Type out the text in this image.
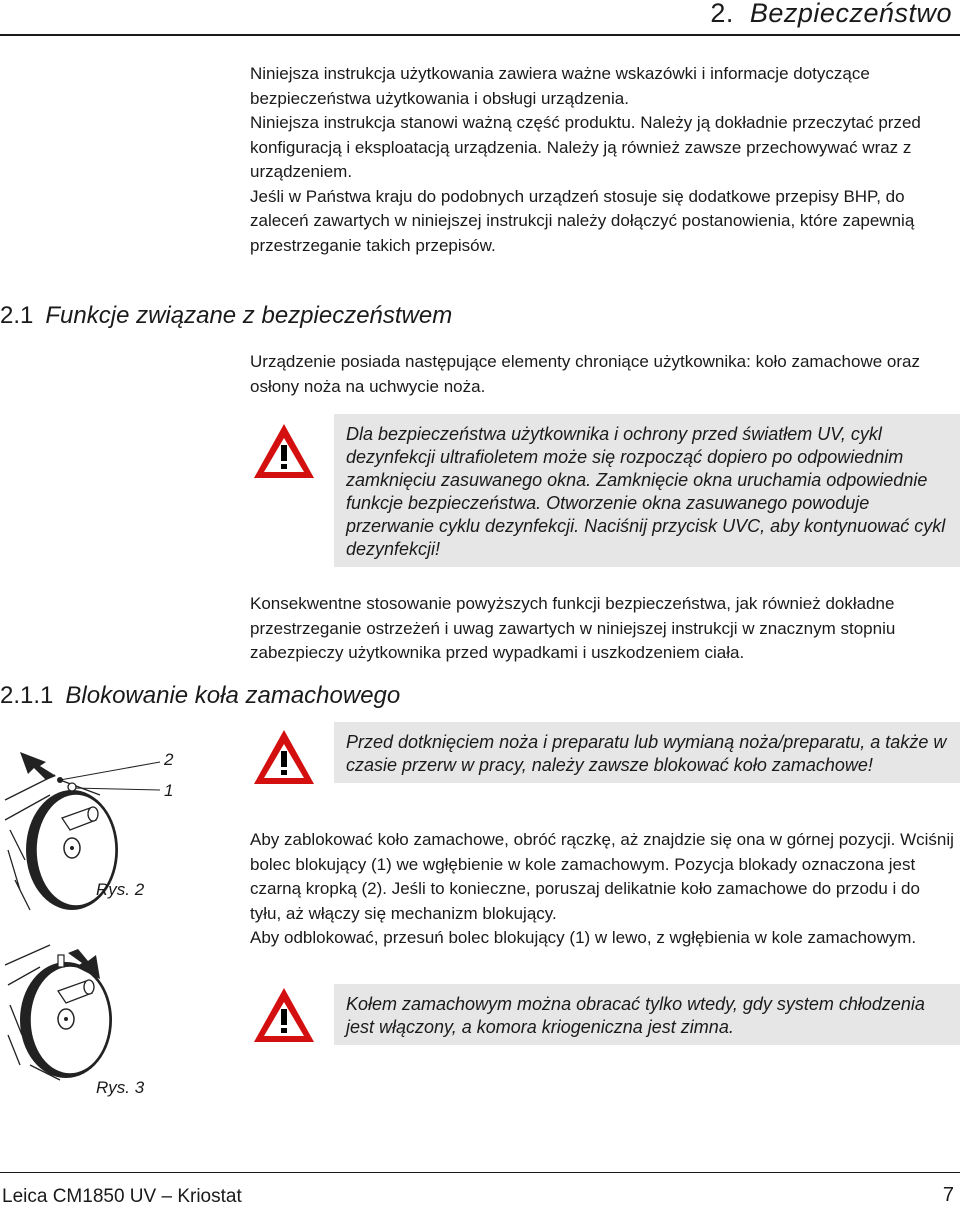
2. Bezpieczeństwo

Niniejsza instrukcja użytkowania zawiera ważne wskazówki i informacje dotyczące bezpieczeństwa użytkowania i obsługi urządzenia.

Niniejsza instrukcja stanowi ważną część produktu. Należy ją dokładnie przeczytać przed konfiguracją i eksploatacją urządzenia. Należy ją również zawsze przechowywać wraz z urządzeniem.

Jeśli w Państwa kraju do podobnych urządzeń stosuje się dodatkowe przepisy BHP, do zaleceń zawartych w niniejszej instrukcji należy dołączyć postanowienia, które zapewnią przestrzeganie takich przepisów.

2.1 Funkcje związane z bezpieczeństwem

Urządzenie posiada następujące elementy chroniące użytkownika: koło zamachowe oraz osłony noża na uchwycie noża.

Dla bezpieczeństwa użytkownika i ochrony przed światłem UV, cykl dezynfekcji ultrafioletem może się rozpocząć dopiero po odpowiednim zamknięciu zasuwanego okna. Zamknięcie okna uruchamia odpowiednie funkcje bezpieczeństwa. Otworzenie okna zasuwanego powoduje przerwanie cyklu dezynfekcji. Naciśnij przycisk UVC, aby kontynuować cykl dezynfekcji!

Konsekwentne stosowanie powyższych funkcji bezpieczeństwa, jak również dokładne przestrzeganie ostrzeżeń i uwag zawartych w niniejszej instrukcji w znacznym stopniu zabezpieczy użytkownika przed wypadkami i uszkodzeniem ciała.

2.1.1 Blokowanie koła zamachowego
2
1
Rys. 2
Rys. 3
Przed dotknięciem noża i preparatu lub wymianą noża/preparatu, a także w czasie przerw w pracy, należy zawsze blokować koło zamachowe!

Aby zablokować koło zamachowe, obróć rączkę, aż znajdzie się ona w górnej pozycji. Wciśnij bolec blokujący (1) we wgłębienie w kole zamachowym. Pozycja blokady oznaczona jest czarną kropką (2). Jeśli to konieczne, poruszaj delikatnie koło zamachowe do przodu i do tyłu, aż włączy się mechanizm blokujący.

Aby odblokować, przesuń bolec blokujący (1) w lewo, z wgłębienia w kole zamachowym.

Kołem zamachowym można obracać tylko wtedy, gdy system chłodzenia jest włączony, a komora kriogeniczna jest zimna.
Leica CM1850 UV – Kriostat	7
